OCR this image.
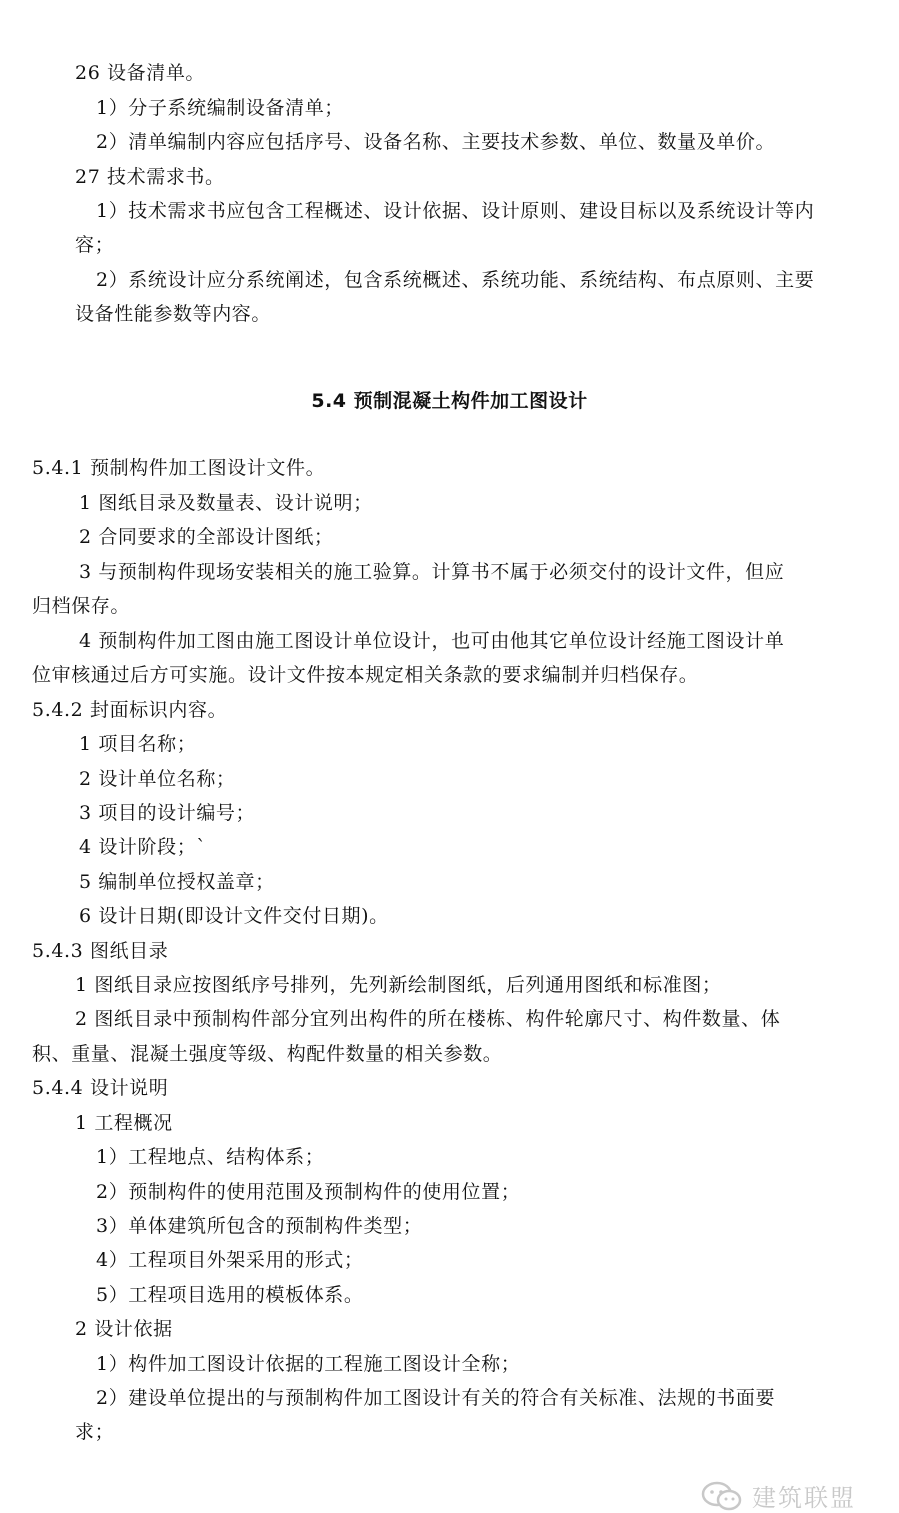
26 设备清单。
1）分子系统编制设备清单；
2）清单编制内容应包括序号、设备名称、主要技术参数、单位、数量及单价。
27 技术需求书。
1）技术需求书应包含工程概述、设计依据、设计原则、建设目标以及系统设计等内
容；
2）系统设计应分系统阐述，包含系统概述、系统功能、系统结构、布点原则、主要
设备性能参数等内容。
5.4 预制混凝土构件加工图设计
5.4.1 预制构件加工图设计文件。
1 图纸目录及数量表、设计说明；
2 合同要求的全部设计图纸；
3 与预制构件现场安装相关的施工验算。计算书不属于必须交付的设计文件，但应
归档保存。
4 预制构件加工图由施工图设计单位设计，也可由他其它单位设计经施工图设计单
位审核通过后方可实施。设计文件按本规定相关条款的要求编制并归档保存。
5.4.2 封面标识内容。
1 项目名称；
2 设计单位名称；
3 项目的设计编号；
4 设计阶段；`
5 编制单位授权盖章；
6 设计日期(即设计文件交付日期)。
5.4.3 图纸目录
1 图纸目录应按图纸序号排列，先列新绘制图纸，后列通用图纸和标准图；
2 图纸目录中预制构件部分宜列出构件的所在楼栋、构件轮廓尺寸、构件数量、体
积、重量、混凝土强度等级、构配件数量的相关参数。
5.4.4 设计说明
1 工程概况
1）工程地点、结构体系；
2）预制构件的使用范围及预制构件的使用位置；
3）单体建筑所包含的预制构件类型；
4）工程项目外架采用的形式；
5）工程项目选用的模板体系。
2 设计依据
1）构件加工图设计依据的工程施工图设计全称；
2）建设单位提出的与预制构件加工图设计有关的符合有关标准、法规的书面要
求；
建筑联盟
